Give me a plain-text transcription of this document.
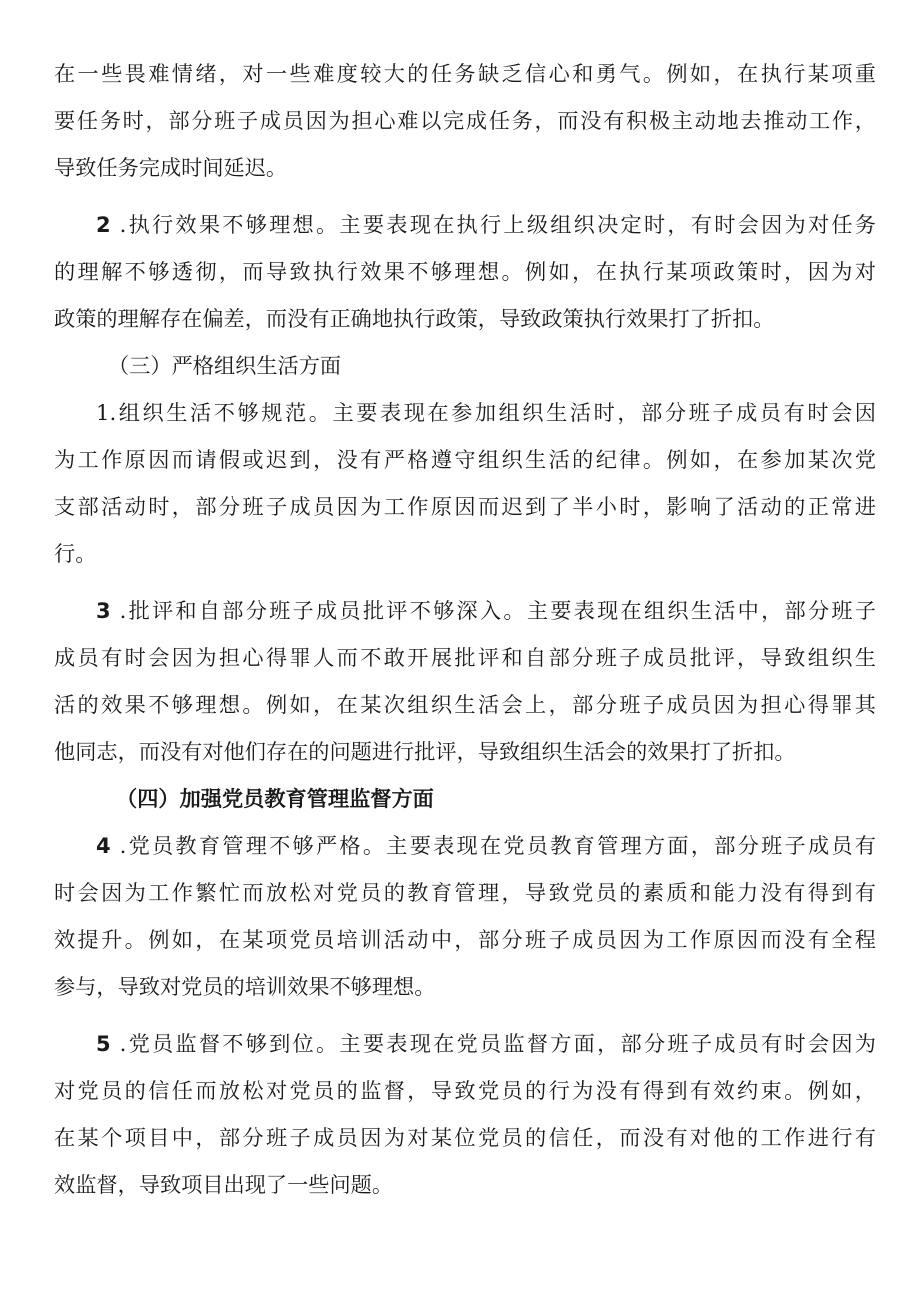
在一些畏难情绪，对一些难度较大的任务缺乏信心和勇气。例如，在执行某项重
要任务时，部分班子成员因为担心难以完成任务，而没有积极主动地去推动工作，
导致任务完成时间延迟。
2 .执行效果不够理想。主要表现在执行上级组织决定时，有时会因为对任务
的理解不够透彻，而导致执行效果不够理想。例如，在执行某项政策时，因为对
政策的理解存在偏差，而没有正确地执行政策，导致政策执行效果打了折扣。
（三）严格组织生活方面
1.组织生活不够规范。主要表现在参加组织生活时，部分班子成员有时会因
为工作原因而请假或迟到，没有严格遵守组织生活的纪律。例如，在参加某次党
支部活动时，部分班子成员因为工作原因而迟到了半小时，影响了活动的正常进
行。
3 .批评和自部分班子成员批评不够深入。主要表现在组织生活中，部分班子
成员有时会因为担心得罪人而不敢开展批评和自部分班子成员批评，导致组织生
活的效果不够理想。例如，在某次组织生活会上，部分班子成员因为担心得罪其
他同志，而没有对他们存在的问题进行批评，导致组织生活会的效果打了折扣。
（四）加强党员教育管理监督方面
4 .党员教育管理不够严格。主要表现在党员教育管理方面，部分班子成员有
时会因为工作繁忙而放松对党员的教育管理，导致党员的素质和能力没有得到有
效提升。例如，在某项党员培训活动中，部分班子成员因为工作原因而没有全程
参与，导致对党员的培训效果不够理想。
5 .党员监督不够到位。主要表现在党员监督方面，部分班子成员有时会因为
对党员的信任而放松对党员的监督，导致党员的行为没有得到有效约束。例如，
在某个项目中，部分班子成员因为对某位党员的信任，而没有对他的工作进行有
效监督，导致项目出现了一些问题。
